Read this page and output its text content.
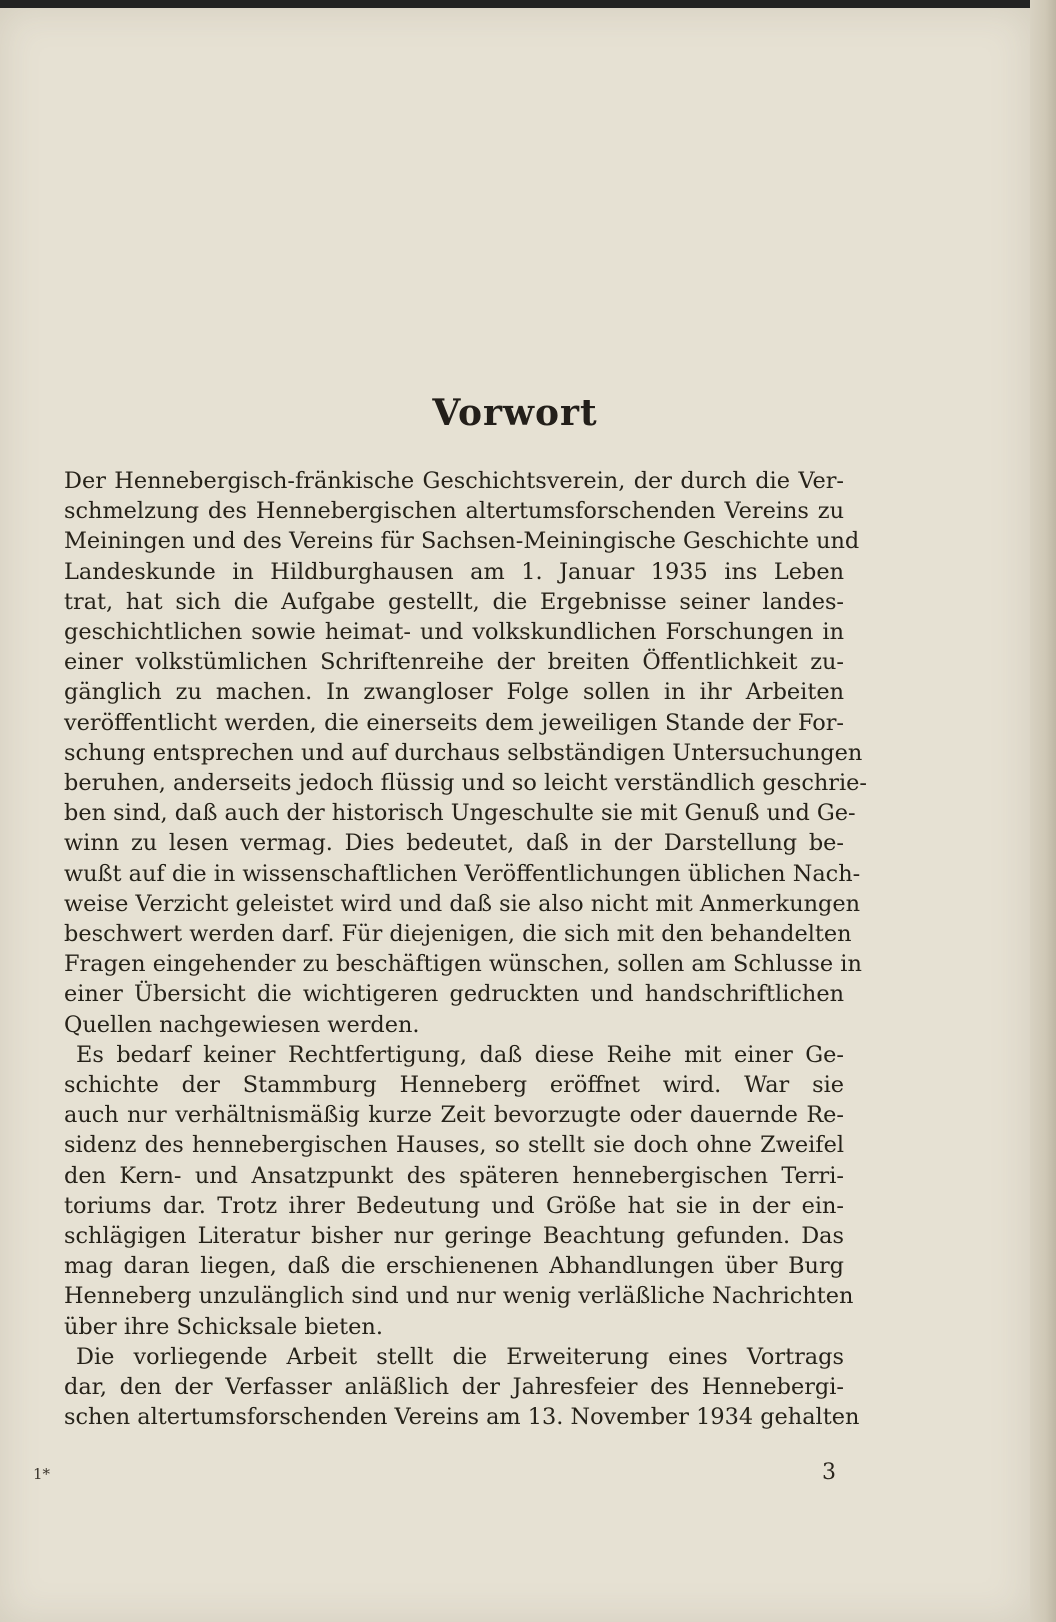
Vorwort
Der Hennebergisch-fränkische Geschichtsverein, der durch die Ver-
schmelzung des Hennebergischen altertumsforschenden Vereins zu
Meiningen und des Vereins für Sachsen-Meiningische Geschichte und
Landeskunde in Hildburghausen am 1. Januar 1935 ins Leben
trat, hat sich die Aufgabe gestellt, die Ergebnisse seiner landes-
geschichtlichen sowie heimat- und volkskundlichen Forschungen in
einer volkstümlichen Schriftenreihe der breiten Öffentlichkeit zu-
gänglich zu machen. In zwangloser Folge sollen in ihr Arbeiten
veröffentlicht werden, die einerseits dem jeweiligen Stande der For-
schung entsprechen und auf durchaus selbständigen Untersuchungen
beruhen, anderseits jedoch flüssig und so leicht verständlich geschrie-
ben sind, daß auch der historisch Ungeschulte sie mit Genuß und Ge-
winn zu lesen vermag. Dies bedeutet, daß in der Darstellung be-
wußt auf die in wissenschaftlichen Veröffentlichungen üblichen Nach-
weise Verzicht geleistet wird und daß sie also nicht mit Anmerkungen
beschwert werden darf. Für diejenigen, die sich mit den behandelten
Fragen eingehender zu beschäftigen wünschen, sollen am Schlusse in
einer Übersicht die wichtigeren gedruckten und handschriftlichen
Quellen nachgewiesen werden.
Es bedarf keiner Rechtfertigung, daß diese Reihe mit einer Ge-
schichte der Stammburg Henneberg eröffnet wird. War sie
auch nur verhältnismäßig kurze Zeit bevorzugte oder dauernde Re-
sidenz des hennebergischen Hauses, so stellt sie doch ohne Zweifel
den Kern- und Ansatzpunkt des späteren hennebergischen Terri-
toriums dar. Trotz ihrer Bedeutung und Größe hat sie in der ein-
schlägigen Literatur bisher nur geringe Beachtung gefunden. Das
mag daran liegen, daß die erschienenen Abhandlungen über Burg
Henneberg unzulänglich sind und nur wenig verläßliche Nachrichten
über ihre Schicksale bieten.
Die vorliegende Arbeit stellt die Erweiterung eines Vortrags
dar, den der Verfasser anläßlich der Jahresfeier des Hennebergi-
schen altertumsforschenden Vereins am 13. November 1934 gehalten
1*	3
